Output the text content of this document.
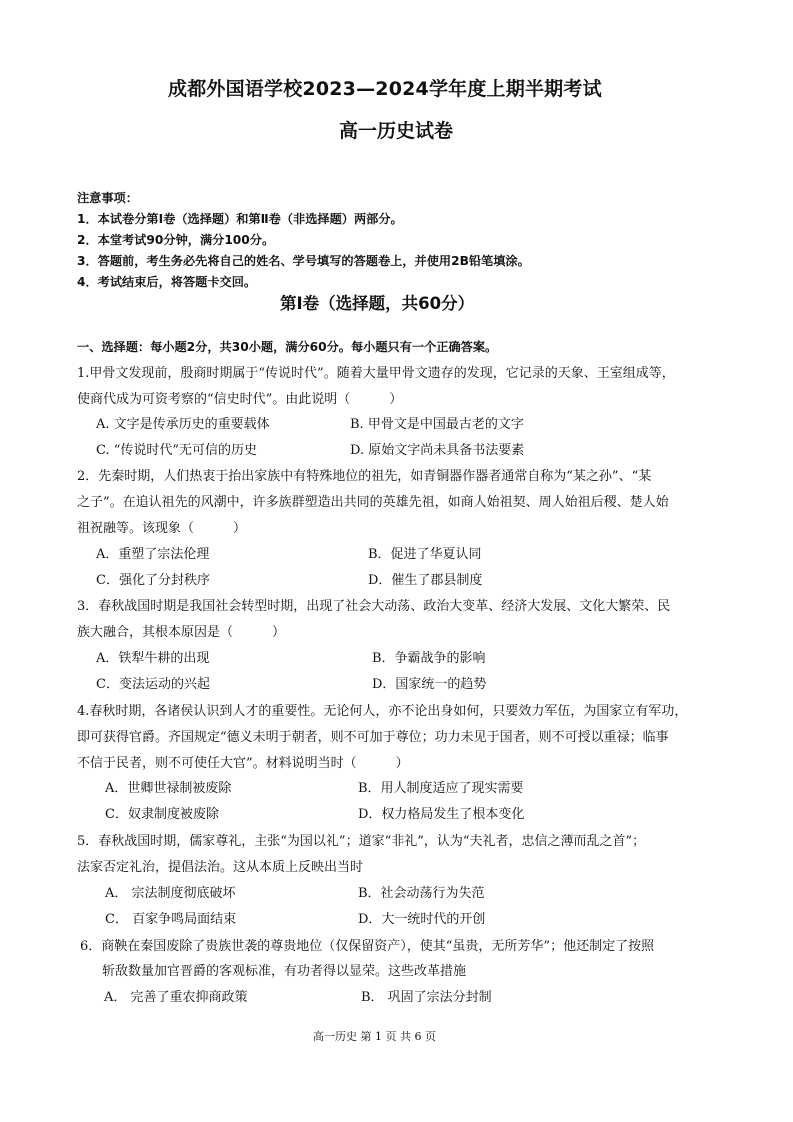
成都外国语学校2023—2024学年度上期半期考试
高一历史试卷
注意事项：
1．本试卷分第Ⅰ卷（选择题）和第Ⅱ卷（非选择题）两部分。
2．本堂考试90分钟，满分100分。
3．答题前，考生务必先将自己的姓名、学号填写的答题卷上，并使用2B铅笔填涂。
4．考试结束后，将答题卡交回。
第Ⅰ卷（选择题，共60分）
一、选择题：每小题2分，共30小题，满分60分。每小题只有一个正确答案。
1.甲骨文发现前，殷商时期属于“传说时代”。随着大量甲骨文遗存的发现，它记录的天象、王室组成等，
使商代成为可资考察的“信史时代”。由此说明（　　　）
A. 文字是传承历史的重要载体	B. 甲骨文是中国最古老的文字
C. “传说时代”无可信的历史	D. 原始文字尚未具备书法要素
2．先秦时期，人们热衷于抬出家族中有特殊地位的祖先，如青铜器作器者通常自称为“某之孙”、“某
之子”。在追认祖先的风潮中，许多族群塑造出共同的英雄先祖，如商人始祖契、周人始祖后稷、楚人始
祖祝融等。该现象（　　　）
A．重塑了宗法伦理	B．促进了华夏认同
C．强化了分封秩序	D．催生了郡县制度
3．春秋战国时期是我国社会转型时期，出现了社会大动荡、政治大变革、经济大发展、文化大繁荣、民
族大融合，其根本原因是（　　　）
A．铁犁牛耕的出现	B．争霸战争的影响
C．变法运动的兴起	D．国家统一的趋势
4.春秋时期，各诸侯认识到人才的重要性。无论何人，亦不论出身如何，只要效力军伍，为国家立有军功，
即可获得官爵。齐国规定“德义未明于朝者，则不可加于尊位；功力未见于国者，则不可授以重禄；临事
不信于民者，则不可使任大官”。材料说明当时（　　　）
A．世卿世禄制被废除	B．用人制度适应了现实需要
C．奴隶制度被废除	D．权力格局发生了根本变化
5．春秋战国时期，儒家尊礼，主张“为国以礼”；道家“非礼”，认为“夫礼者，忠信之薄而乱之首”；
法家否定礼治，提倡法治。这从本质上反映出当时
A． 宗法制度彻底破坏	B．社会动荡行为失范
C． 百家争鸣局面结束	D．大一统时代的开创
6．商鞅在秦国废除了贵族世袭的尊贵地位（仅保留资产），使其“虽贵，无所芳华”；他还制定了按照
斩敌数量加官晋爵的客观标准，有功者得以显荣。这些改革措施
A． 完善了重农抑商政策	B． 巩固了宗法分封制
高一历史 第 1 页 共 6 页
